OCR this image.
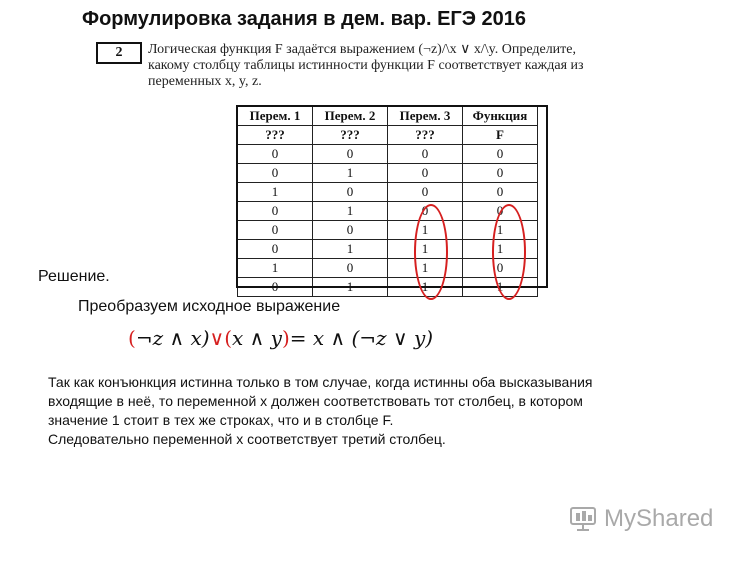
Формулировка задания в дем. вар. ЕГЭ 2016
2	Логическая функция F задаётся выражением (¬z)/\x ∨ x/\y. Определите,

какому столбцу таблицы истинности функции F соответствует каждая из

переменных x, y, z.

Перем. 1	Перем. 2	Перем. 3	Функция
???	???	???	F
0	0	0	0
0	1	0	0
1	0	0	0
0	1	0	0
0	0	1	1
0	1	1	1
1	0	1	0
0	1	1	1
Решение.
Преобразуем исходное выражение
(¬z ∧ x)∨(x ∧ y)= x ∧ (¬z ∨ y)

Так как конъюнкция истинна только в том случае, когда истинны оба высказывания

входящие в неё, то переменной x должен соответствовать тот столбец, в котором

значение 1 стоит в тех же строках, что и в столбце F.

Следовательно переменной x соответствует третий столбец.

MyShared
